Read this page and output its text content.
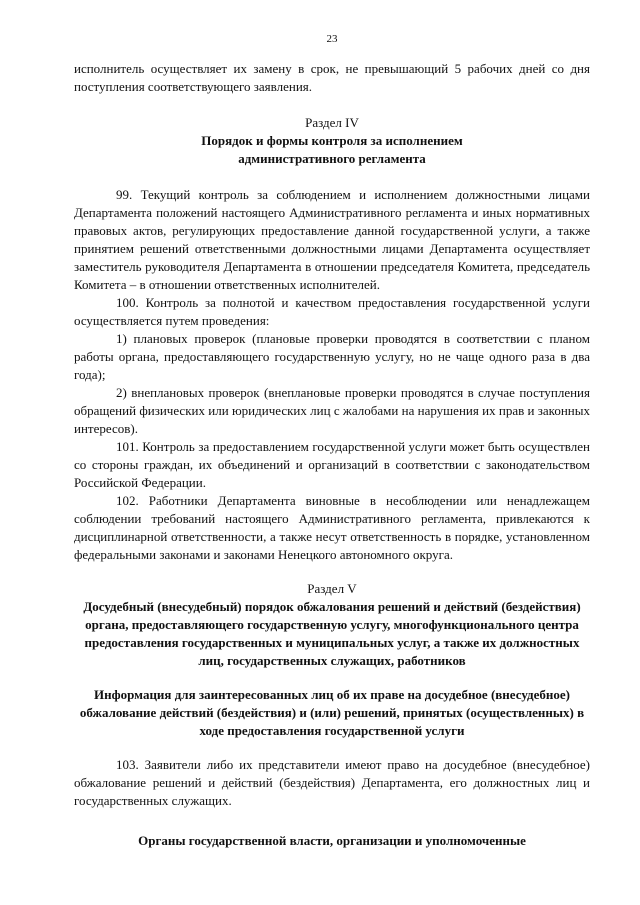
23

исполнитель осуществляет их замену в срок, не превышающий 5 рабочих дней со дня поступления соответствующего заявления.

Раздел IV
Порядок и формы контроля за исполнением административного регламента

99. Текущий контроль за соблюдением и исполнением должностными лицами Департамента положений настоящего Административного регламента и иных нормативных правовых актов, регулирующих предоставление данной государственной услуги, а также принятием решений ответственными должностными лицами Департамента осуществляет заместитель руководителя Департамента в отношении председателя Комитета, председатель Комитета – в отношении ответственных исполнителей.

100. Контроль за полнотой и качеством предоставления государственной услуги осуществляется путем проведения:

1) плановых проверок (плановые проверки проводятся в соответствии с планом работы органа, предоставляющего государственную услугу, но не чаще одного раза в два года);

2) внеплановых проверок (внеплановые проверки проводятся в случае поступления обращений физических или юридических лиц с жалобами на нарушения их прав и законных интересов).

101. Контроль за предоставлением государственной услуги может быть осуществлен со стороны граждан, их объединений и организаций в соответствии с законодательством Российской Федерации.

102. Работники Департамента виновные в несоблюдении или ненадлежащем соблюдении требований настоящего Административного регламента, привлекаются к дисциплинарной ответственности, а также несут ответственность в порядке, установленном федеральными законами и законами Ненецкого автономного округа.

Раздел V
Досудебный (внесудебный) порядок обжалования решений и действий (бездействия) органа, предоставляющего государственную услугу, многофункционального центра предоставления государственных и муниципальных услуг, а также их должностных лиц, государственных служащих, работников
Информация для заинтересованных лиц об их праве на досудебное (внесудебное) обжалование действий (бездействия) и (или) решений, принятых (осуществленных) в ходе предоставления государственной услуги

103. Заявители либо их представители имеют право на досудебное (внесудебное) обжалование решений и действий (бездействия) Департамента, его должностных лиц и государственных служащих.

Органы государственной власти, организации и уполномоченные
